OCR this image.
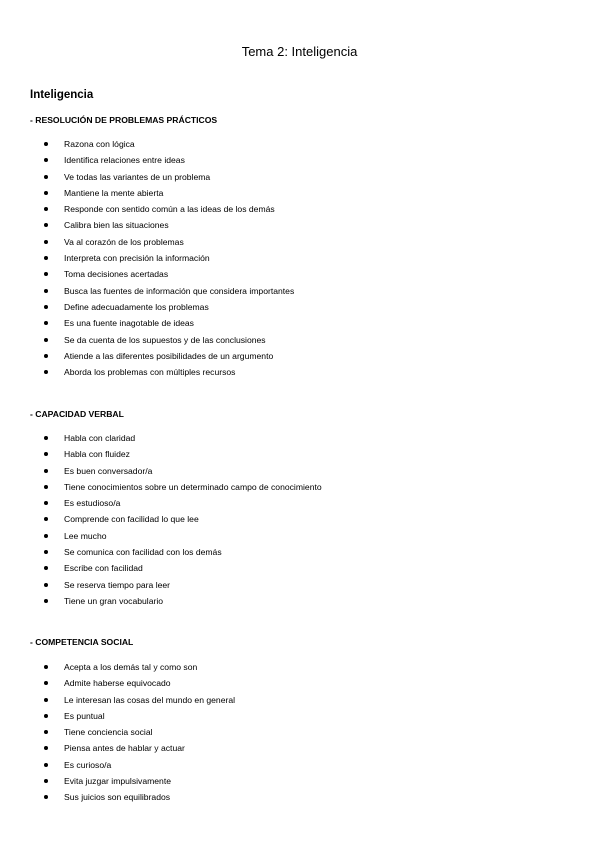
Tema 2: Inteligencia
Inteligencia
- RESOLUCIÓN DE PROBLEMAS PRÁCTICOS
Razona con lógica
Identifica relaciones entre ideas
Ve todas las variantes de un problema
Mantiene la mente abierta
Responde con sentido común a las ideas de los demás
Calibra bien las situaciones
Va al corazón de los problemas
Interpreta con precisión la información
Toma decisiones acertadas
Busca las fuentes de información que considera importantes
Define adecuadamente los problemas
Es una fuente inagotable de ideas
Se da cuenta de los supuestos y de las conclusiones
Atiende a las diferentes posibilidades de un argumento
Aborda los problemas con múltiples recursos
- CAPACIDAD VERBAL
Habla con claridad
Habla con fluidez
Es buen conversador/a
Tiene conocimientos sobre un determinado campo de conocimiento
Es estudioso/a
Comprende con facilidad lo que lee
Lee mucho
Se comunica con facilidad con los demás
Escribe con facilidad
Se reserva tiempo para leer
Tiene un gran vocabulario
- COMPETENCIA SOCIAL
Acepta a los demás tal y como son
Admite haberse equivocado
Le interesan las cosas del mundo en general
Es puntual
Tiene conciencia social
Piensa antes de hablar y actuar
Es curioso/a
Evita juzgar impulsivamente
Sus juicios son equilibrados
